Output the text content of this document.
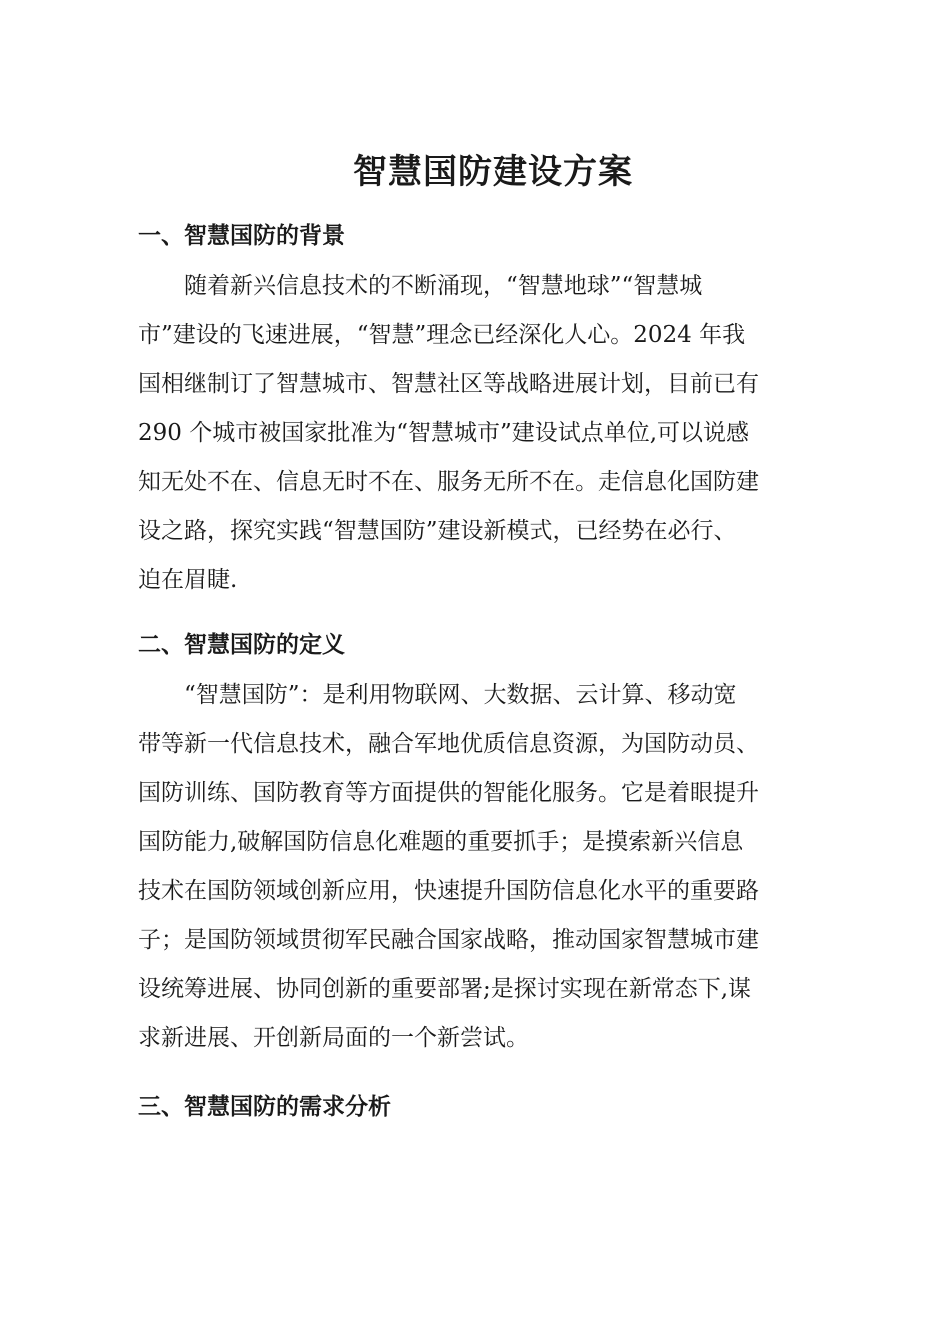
智慧国防建设方案
一、智慧国防的背景
随着新兴信息技术的不断涌现，“智慧地球”“智慧城
市”建设的飞速进展，“智慧”理念已经深化人心。2024 年我
国相继制订了智慧城市、智慧社区等战略进展计划，目前已有
290 个城市被国家批准为“智慧城市”建设试点单位,可以说感
知无处不在、信息无时不在、服务无所不在。走信息化国防建
设之路，探究实践“智慧国防”建设新模式，已经势在必行、
迫在眉睫.
二、智慧国防的定义
“智慧国防”：是利用物联网、大数据、云计算、移动宽
带等新一代信息技术，融合军地优质信息资源，为国防动员、
国防训练、国防教育等方面提供的智能化服务。它是着眼提升
国防能力,破解国防信息化难题的重要抓手；是摸索新兴信息
技术在国防领域创新应用，快速提升国防信息化水平的重要路
子；是国防领域贯彻军民融合国家战略，推动国家智慧城市建
设统筹进展、协同创新的重要部署;是探讨实现在新常态下,谋
求新进展、开创新局面的一个新尝试。
三、智慧国防的需求分析
